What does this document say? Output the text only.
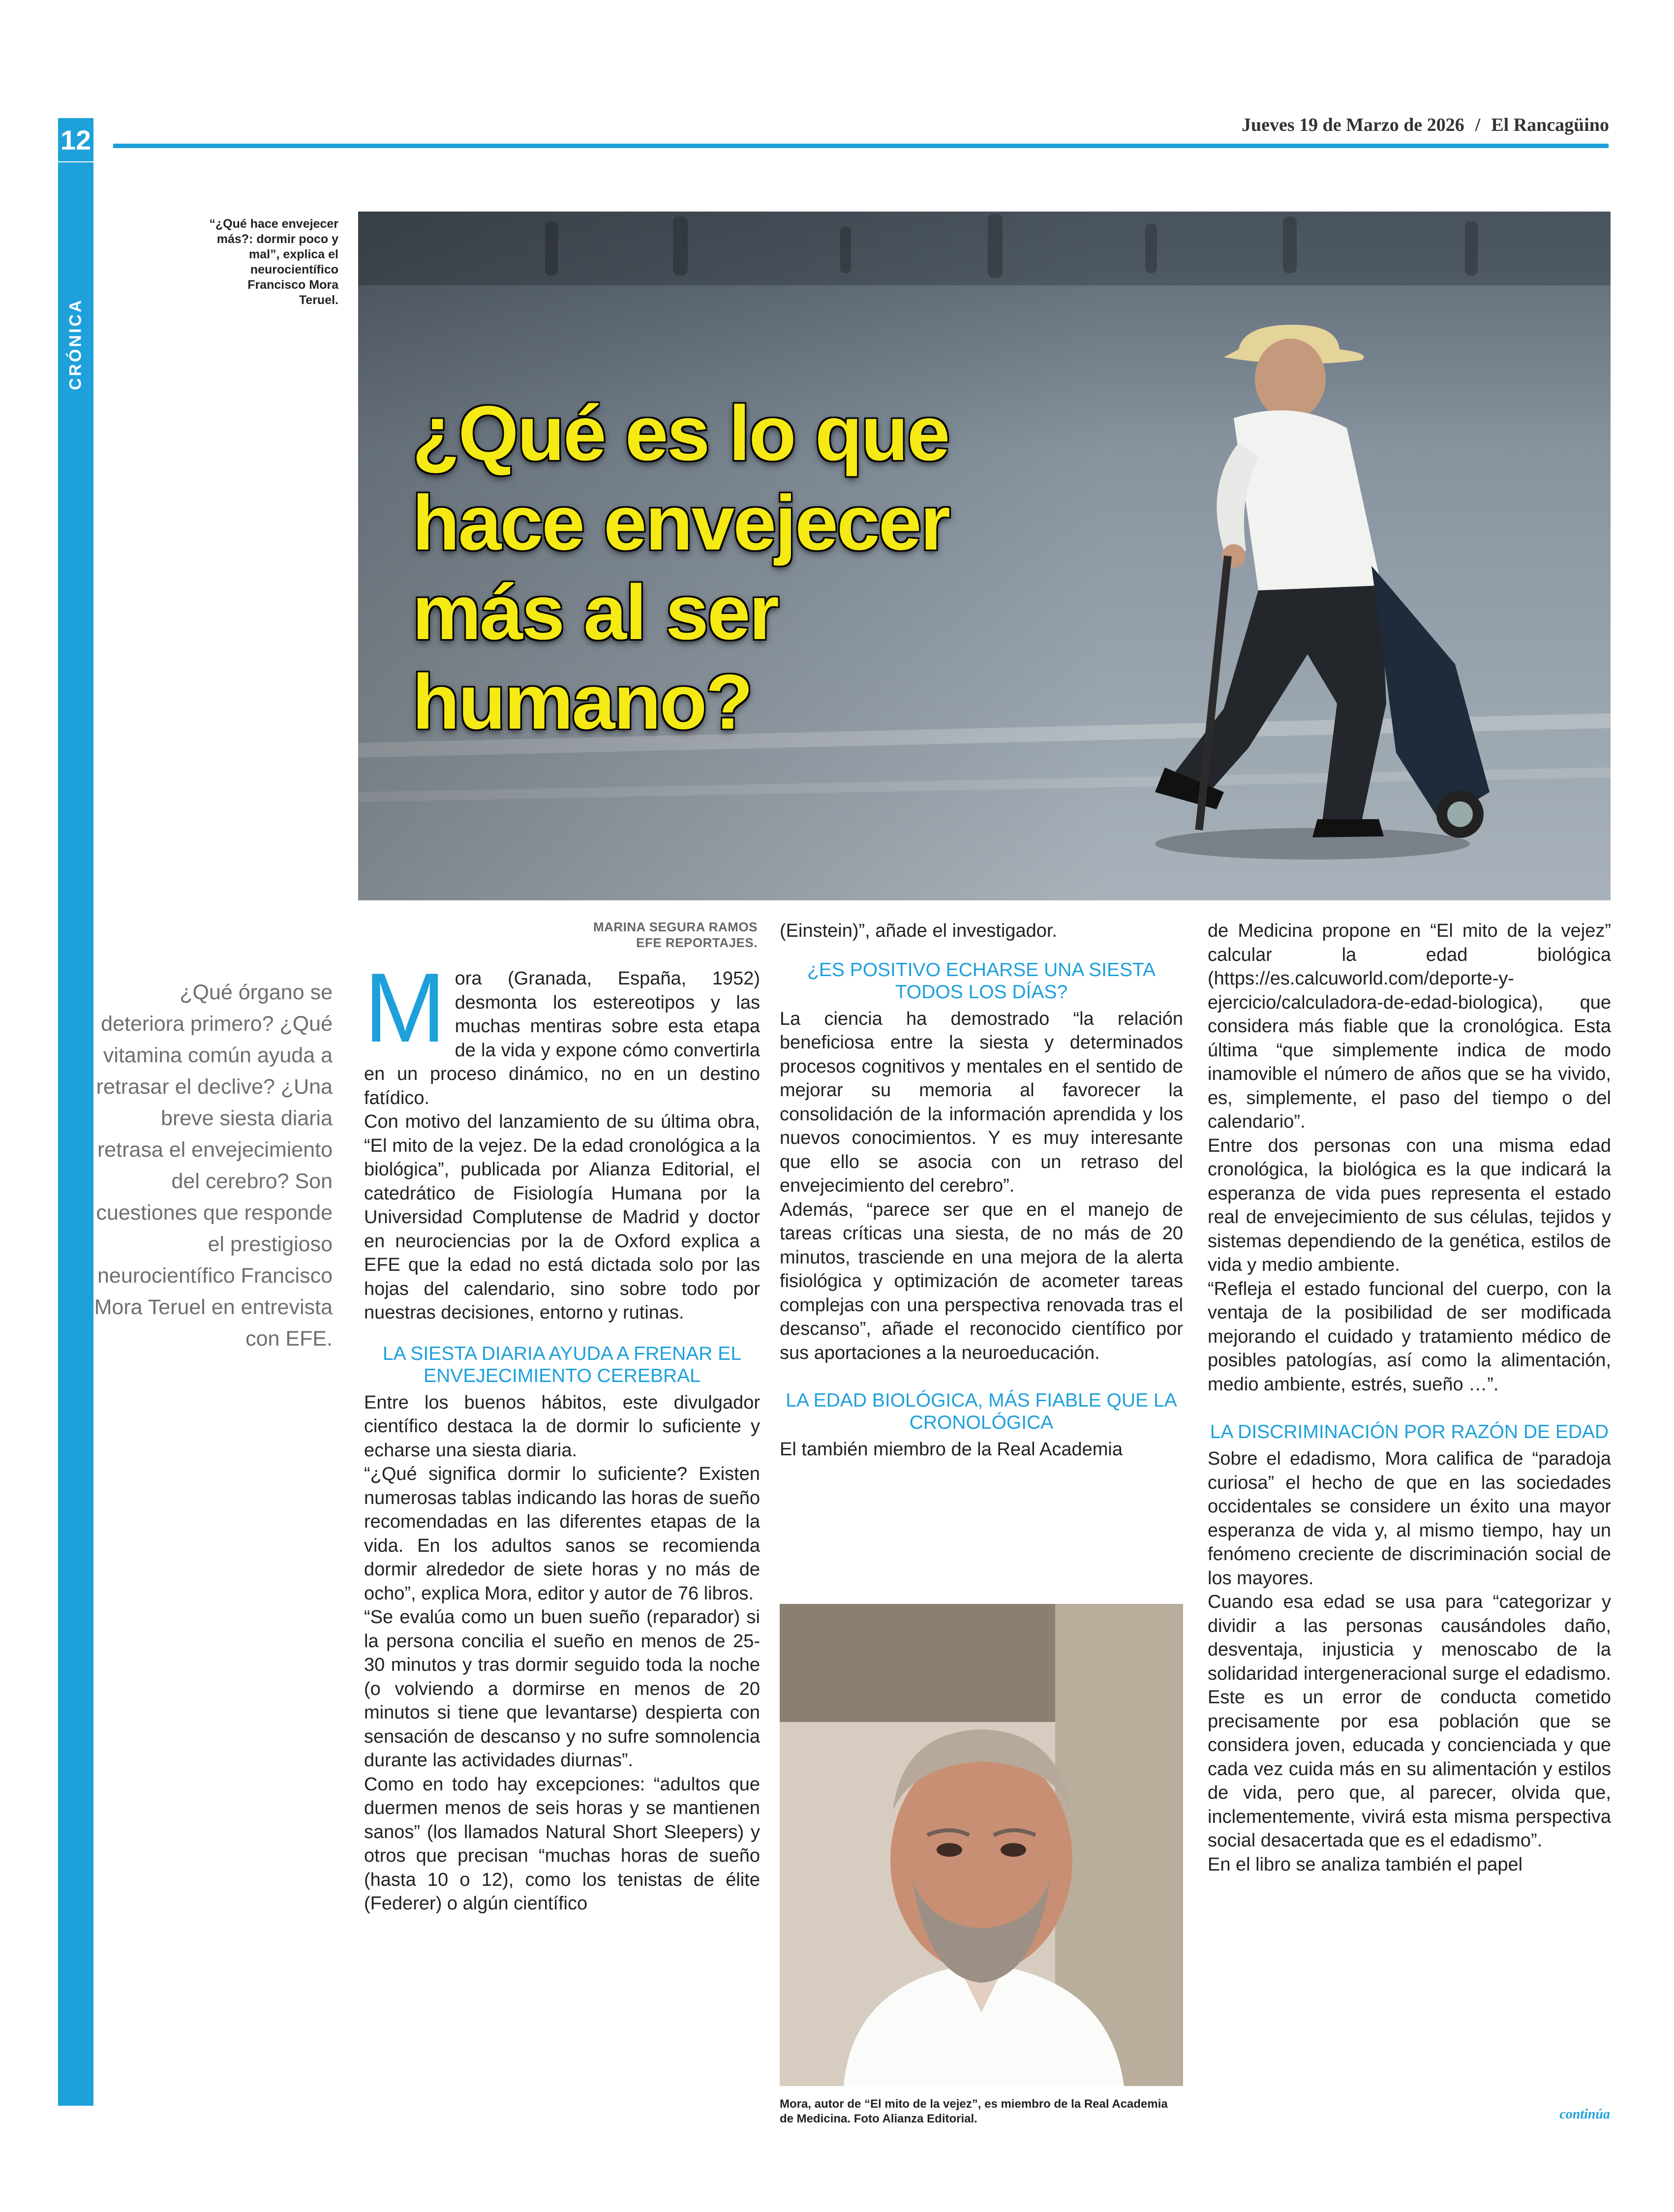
12	Jueves 19 de Marzo de 2026 / El Rancagüino
CRÓNICA
“¿Qué hace envejecer más?: dormir poco y mal”, explica el neurocientífico Francisco Mora Teruel.
¿Qué es lo que hace envejecer más al ser humano?
MARINA SEGURA RAMOS
EFE REPORTAJES.
¿Qué órgano se deteriora primero? ¿Qué vitamina común ayuda a retrasar el declive? ¿Una breve siesta diaria retrasa el envejecimiento del cerebro? Son cuestiones que responde el prestigioso neurocientífico Francisco Mora Teruel en entrevista con EFE.

Mora (Granada, España, 1952) desmonta los estereotipos y las muchas mentiras sobre esta etapa de la vida y expone cómo convertirla en un proceso dinámico, no en un destino fatídico.

Con motivo del lanzamiento de su última obra, “El mito de la vejez. De la edad cronológica a la biológica”, publicada por Alianza Editorial, el catedrático de Fisiología Humana por la Universidad Complutense de Madrid y doctor en neurociencias por la de Oxford explica a EFE que la edad no está dictada solo por las hojas del calendario, sino sobre todo por nuestras decisiones, entorno y rutinas.

LA SIESTA DIARIA AYUDA A FRENAR EL ENVEJECIMIENTO CEREBRAL

Entre los buenos hábitos, este divulgador científico destaca la de dormir lo suficiente y echarse una siesta diaria.

“¿Qué significa dormir lo suficiente? Existen numerosas tablas indicando las horas de sueño recomendadas en las diferentes etapas de la vida. En los adultos sanos se recomienda dormir alrededor de siete horas y no más de ocho”, explica Mora, editor y autor de 76 libros.

“Se evalúa como un buen sueño (reparador) si la persona concilia el sueño en menos de 25-30 minutos y tras dormir seguido toda la noche (o volviendo a dormirse en menos de 20 minutos si tiene que levantarse) despierta con sensación de descanso y no sufre somnolencia durante las actividades diurnas”.

Como en todo hay excepciones: “adultos que duermen menos de seis horas y se mantienen sanos” (los llamados Natural Short Sleepers) y otros que precisan “muchas horas de sueño (hasta 10 o 12), como los tenistas de élite (Federer) o algún científico

(Einstein)”, añade el investigador.

¿ES POSITIVO ECHARSE UNA SIESTA TODOS LOS DÍAS?

La ciencia ha demostrado “la relación beneficiosa entre la siesta y determinados procesos cognitivos y mentales en el sentido de mejorar su memoria al favorecer la consolidación de la información aprendida y los nuevos conocimientos. Y es muy interesante que ello se asocia con un retraso del envejecimiento del cerebro”.

Además, “parece ser que en el manejo de tareas críticas una siesta, de no más de 20 minutos, trasciende en una mejora de la alerta fisiológica y optimización de acometer tareas complejas con una perspectiva renovada tras el descanso”, añade el reconocido científico por sus aportaciones a la neuroeducación.

LA EDAD BIOLÓGICA, MÁS FIABLE QUE LA CRONOLÓGICA

El también miembro de la Real Academia

Mora, autor de “El mito de la vejez”, es miembro de la Real Academia de Medicina. Foto Alianza Editorial.

de Medicina propone en “El mito de la vejez” calcular la edad biológica (https://es.calcuworld.com/deporte-y-ejercicio/calculadora-de-edad-biologica), que considera más fiable que la cronológica. Esta última “que simplemente indica de modo inamovible el número de años que se ha vivido, es, simplemente, el paso del tiempo o del calendario”.

Entre dos personas con una misma edad cronológica, la biológica es la que indicará la esperanza de vida pues representa el estado real de envejecimiento de sus células, tejidos y sistemas dependiendo de la genética, estilos de vida y medio ambiente.

“Refleja el estado funcional del cuerpo, con la ventaja de la posibilidad de ser modificada mejorando el cuidado y tratamiento médico de posibles patologías, así como la alimentación, medio ambiente, estrés, sueño …”.

LA DISCRIMINACIÓN POR RAZÓN DE EDAD

Sobre el edadismo, Mora califica de “paradoja curiosa” el hecho de que en las sociedades occidentales se considere un éxito una mayor esperanza de vida y, al mismo tiempo, hay un fenómeno creciente de discriminación social de los mayores.

Cuando esa edad se usa para “categorizar y dividir a las personas causándoles daño, desventaja, injusticia y menoscabo de la solidaridad intergeneracional surge el edadismo. Este es un error de conducta cometido precisamente por esa población que se considera joven, educada y concienciada y que cada vez cuida más en su alimentación y estilos de vida, pero que, al parecer, olvida que, inclementemente, vivirá esta misma perspectiva social desacertada que es el edadismo”.

En el libro se analiza también el papel

continúa
